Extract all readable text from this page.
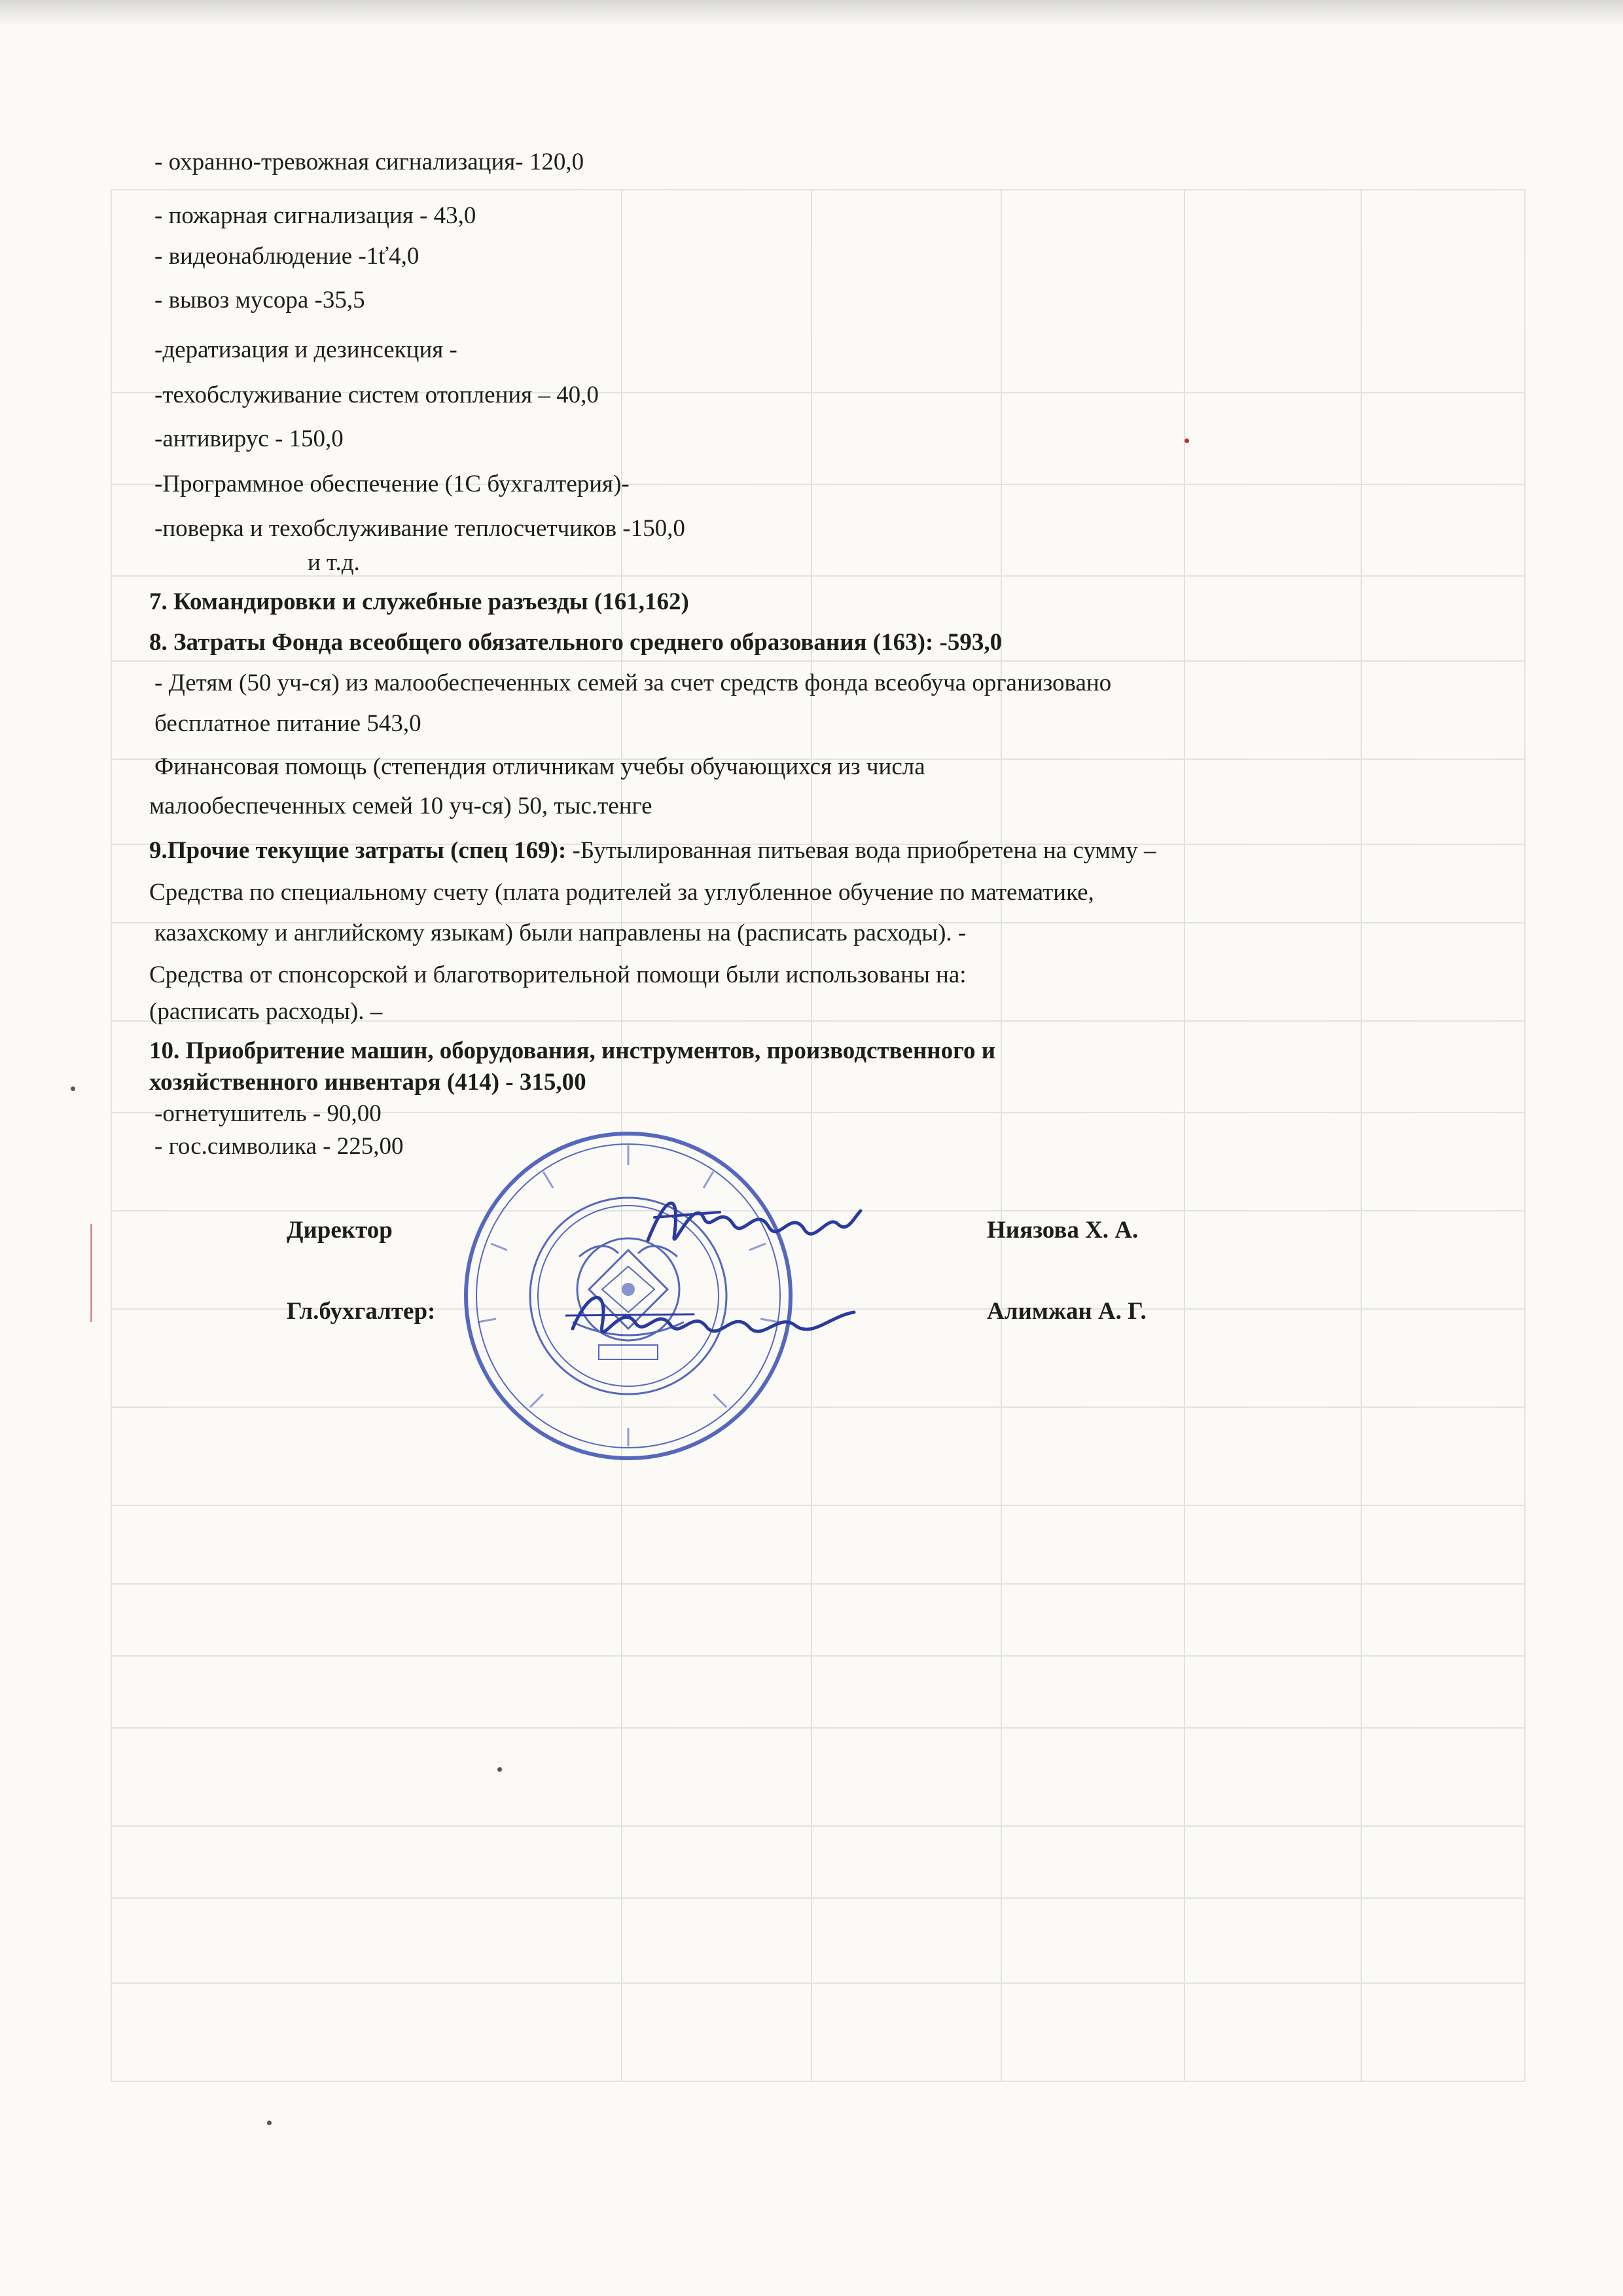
- охранно-тревожная сигнализация- 120,0
- пожарная сигнализация - 43,0
- видеонаблюдение -1ť4,0
- вывоз мусора -35,5
-дератизация и дезинсекция -
-техобслуживание систем отопления – 40,0
-антивирус - 150,0
-Программное обеспечение (1С бухгалтерия)-
-поверка и техобслуживание теплосчетчиков -150,0
и т.д.
7. Командировки и служебные разъезды (161,162)
8. Затраты Фонда всеобщего обязательного среднего образования (163): -593,0
- Детям (50 уч-ся) из малообеспеченных семей за счет средств фонда всеобуча организовано
бесплатное питание 543,0
Финансовая помощь (степендия отличникам учебы обучающихся из числа
малообеспеченных семей 10 уч-ся) 50, тыс.тенге
9.Прочие текущие затраты (спец 169): -Бутылированная питьевая вода приобретена на сумму –
Средства по специальному счету (плата родителей за углубленное обучение по математике,
казахскому и английскому языкам) были направлены на (расписать расходы). -
Средства от спонсорской и благотворительной помощи были использованы на:
(расписать расходы). –
10. Приобритение машин, оборудования, инструментов, производственного и
хозяйственного инвентаря (414) - 315,00
-огнетушитель - 90,00
- гос.символика - 225,00
Директор	Ниязова Х. А.
Гл.бухгалтер:	Алимжан А. Г.
